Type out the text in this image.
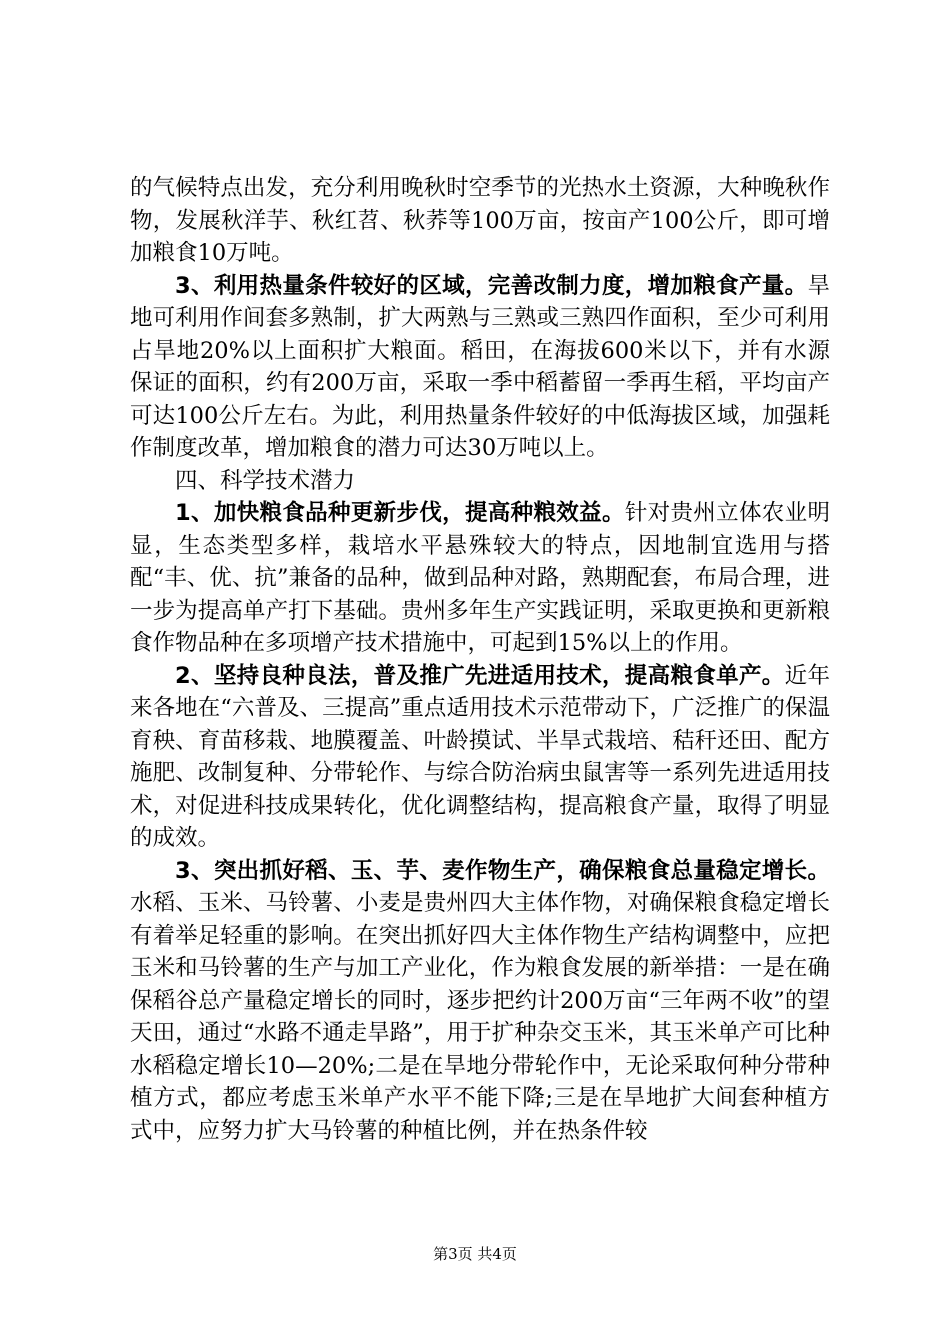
的气候特点出发，充分利用晚秋时空季节的光热水土资源，大种晚秋作物，发展秋洋芋、秋红苕、秋荞等100万亩，按亩产100公斤，即可增加粮食10万吨。

3、利用热量条件较好的区域，完善改制力度，增加粮食产量。旱地可利用作间套多熟制，扩大两熟与三熟或三熟四作面积，至少可利用占旱地20%以上面积扩大粮面。稻田，在海拔600米以下，并有水源保证的面积，约有200万亩，采取一季中稻蓄留一季再生稻，平均亩产可达100公斤左右。为此，利用热量条件较好的中低海拔区域，加强耗作制度改革，增加粮食的潜力可达30万吨以上。

四、科学技术潜力

1、加快粮食品种更新步伐，提高种粮效益。针对贵州立体农业明显，生态类型多样，栽培水平悬殊较大的特点，因地制宜选用与搭配“丰、优、抗”兼备的品种，做到品种对路，熟期配套，布局合理，进一步为提高单产打下基础。贵州多年生产实践证明，采取更换和更新粮食作物品种在多项增产技术措施中，可起到15%以上的作用。

2、坚持良种良法，普及推广先进适用技术，提高粮食单产。近年来各地在“六普及、三提高”重点适用技术示范带动下，广泛推广的保温育秧、育苗移栽、地膜覆盖、叶龄摸试、半旱式栽培、秸秆还田、配方施肥、改制复种、分带轮作、与综合防治病虫鼠害等一系列先进适用技术，对促进科技成果转化，优化调整结构，提高粮食产量，取得了明显的成效。

3、突出抓好稻、玉、芋、麦作物生产，确保粮食总量稳定增长。水稻、玉米、马铃薯、小麦是贵州四大主体作物，对确保粮食稳定增长有着举足轻重的影响。在突出抓好四大主体作物生产结构调整中，应把玉米和马铃薯的生产与加工产业化，作为粮食发展的新举措：一是在确保稻谷总产量稳定增长的同时，逐步把约计200万亩“三年两不收”的望天田，通过“水路不通走旱路”，用于扩种杂交玉米，其玉米单产可比种水稻稳定增长10—20%;二是在旱地分带轮作中，无论采取何种分带种植方式，都应考虑玉米单产水平不能下降;三是在旱地扩大间套种植方式中，应努力扩大马铃薯的种植比例，并在热条件较

第3页 共4页
